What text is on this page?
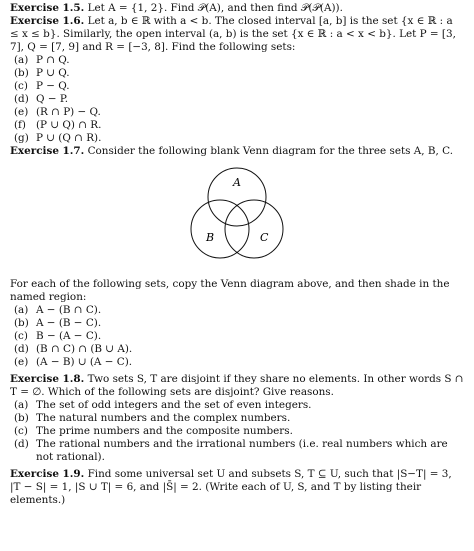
Exercise 1.5. Let A = {1, 2}. Find 𝒫(A), and then find 𝒫(𝒫(A)).

Exercise 1.6. Let a, b ∈ ℝ with a < b. The closed interval [a, b] is the set {x ∈ ℝ : a ≤ x ≤ b}. Similarly, the open interval (a, b) is the set {x ∈ ℝ : a < x < b}. Let P = [3, 7], Q = [7, 9] and R = [−3, 8]. Find the following sets:

(a) P ∩ Q.
(b) P ∪ Q.
(c) P − Q.
(d) Q − P.
(e) (R ∩ P) − Q.
(f) (P ∪ Q) ∩ R.
(g) P ∪ (Q ∩ R).

Exercise 1.7. Consider the following blank Venn diagram for the three sets A, B, C.

A
B	C

For each of the following sets, copy the Venn diagram above, and then shade in the named region:

(a) A − (B ∩ C).
(b) A − (B − C).
(c) B − (A − C).
(d) (B ∩ C) ∩ (B ∪ A).
(e) (A − B) ∪ (A − C).

Exercise 1.8. Two sets S, T are disjoint if they share no elements. In other words S ∩ T = ∅. Which of the following sets are disjoint? Give reasons.

(a) The set of odd integers and the set of even integers.
(b) The natural numbers and the complex numbers.
(c) The prime numbers and the composite numbers.
(d) The rational numbers and the irrational numbers (i.e. real numbers which are not rational).

Exercise 1.9. Find some universal set U and subsets S, T ⊆ U, such that |S−T| = 3, |T − S| = 1, |S ∪ T| = 6, and |S̄| = 2. (Write each of U, S, and T by listing their elements.)
